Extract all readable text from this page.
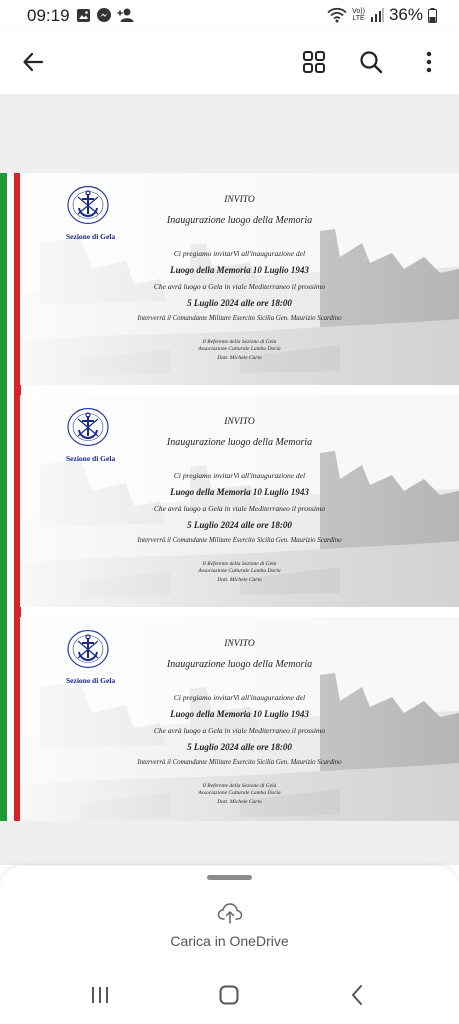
09:19	Vo))
LTE 36%
Sezione di Gela
INVITO
Inaugurazione luogo della Memoria
Ci pregiamo invitarVi all'inaugurazione del
Luogo della Memoria 10 Luglio 1943
Che avrà luogo a Gela in viale Mediterraneo il prossimo
5 Luglio 2024 alle ore 18:00
Interverrà il Comandante Militare Esercito Sicilia Gen. Maurizio Scardino
Il Referente della Sezione di Gela
Associazione Culturale Lamba Doria
Dott. Michele Curto
Sezione di Gela
INVITO
Inaugurazione luogo della Memoria
Ci pregiamo invitarVi all'inaugurazione del
Luogo della Memoria 10 Luglio 1943
Che avrà luogo a Gela in viale Mediterraneo il prossimo
5 Luglio 2024 alle ore 18:00
Interverrà il Comandante Militare Esercito Sicilia Gen. Maurizio Scardino
Il Referente della Sezione di Gela
Associazione Culturale Lamba Doria
Dott. Michele Curto
Sezione di Gela
INVITO
Inaugurazione luogo della Memoria
Ci pregiamo invitarVi all'inaugurazione del
Luogo della Memoria 10 Luglio 1943
Che avrà luogo a Gela in viale Mediterraneo il prossimo
5 Luglio 2024 alle ore 18:00
Interverrà il Comandante Militare Esercito Sicilia Gen. Maurizio Scardino
Il Referente della Sezione di Gela
Associazione Culturale Lamba Doria
Dott. Michele Curto
Carica in OneDrive
